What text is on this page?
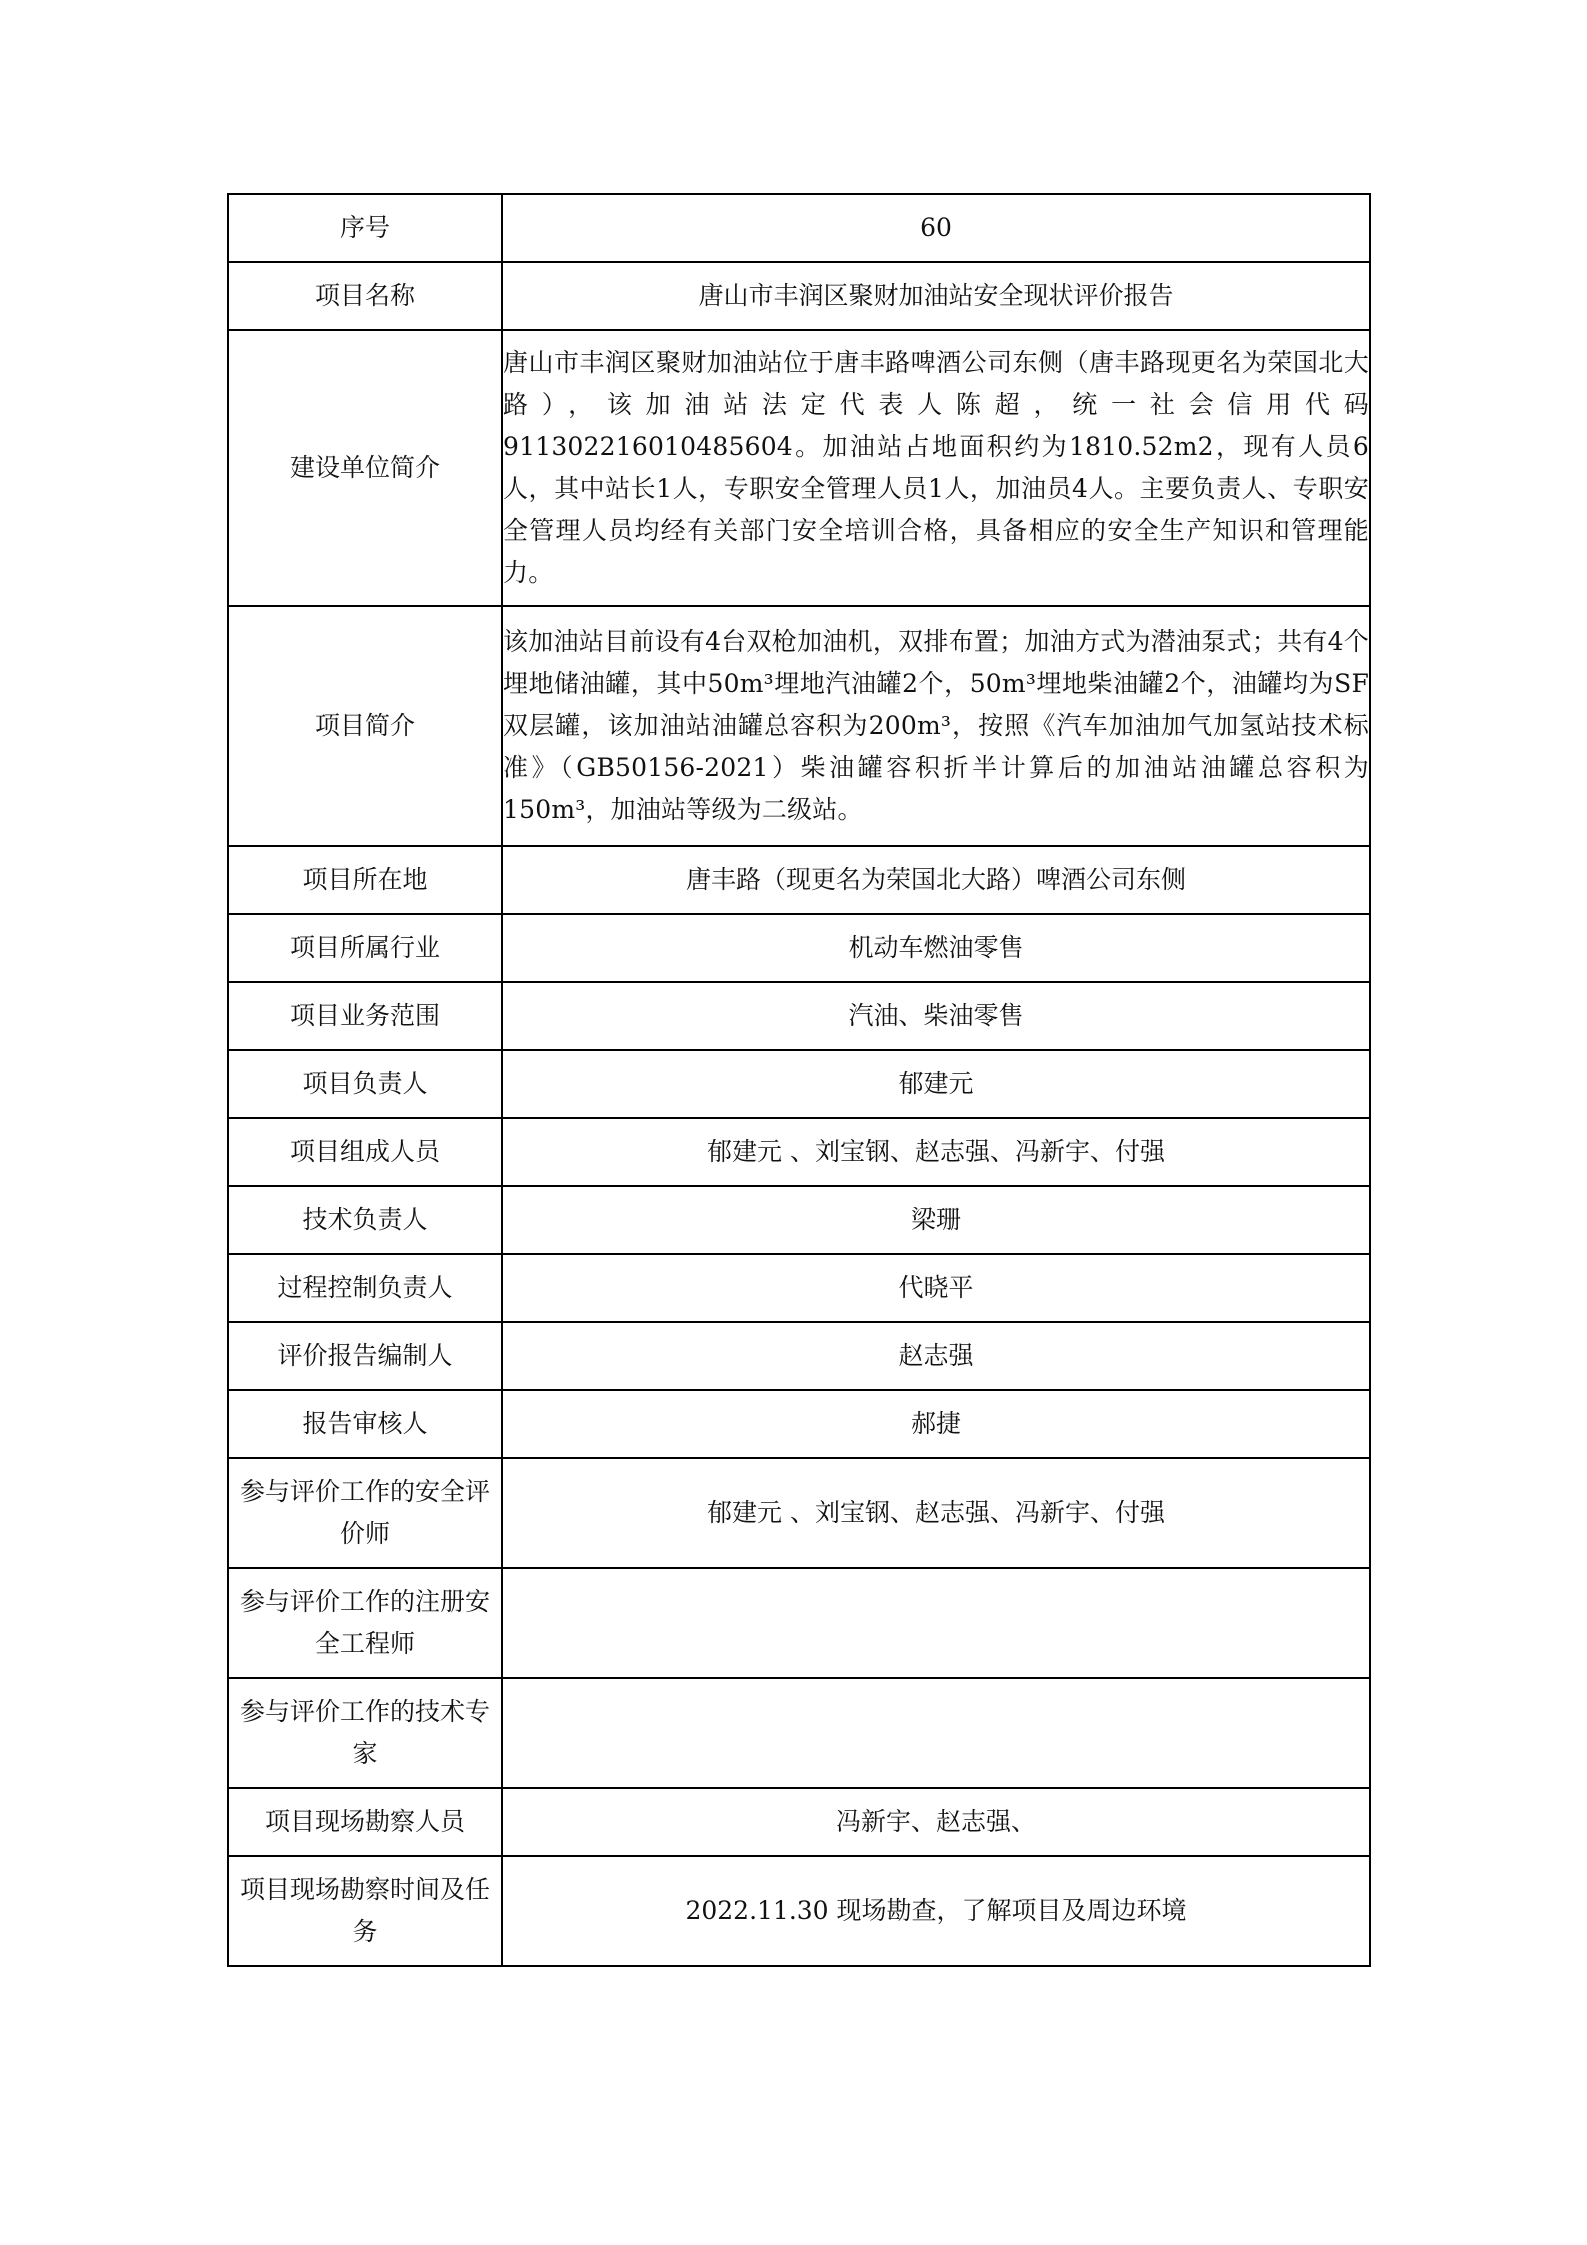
序号	60
项目名称	唐山市丰润区聚财加油站安全现状评价报告
建设单位简介	唐山市丰润区聚财加油站位于唐丰路啤酒公司东侧（唐丰路现更名为荣国北大路），该加油站法定代表人陈超，统一社会信用代码911302216010485604。加油站占地面积约为1810.52m2，现有人员6人，其中站长1人，专职安全管理人员1人，加油员4人。主要负责人、专职安全管理人员均经有关部门安全培训合格，具备相应的安全生产知识和管理能力。
项目简介	该加油站目前设有4台双枪加油机，双排布置；加油方式为潜油泵式；共有4个埋地储油罐，其中50m³埋地汽油罐2个，50m³埋地柴油罐2个，油罐均为SF双层罐，该加油站油罐总容积为200m³，按照《汽车加油加气加氢站技术标准》（GB50156-2021）柴油罐容积折半计算后的加油站油罐总容积为150m³，加油站等级为二级站。
项目所在地	唐丰路（现更名为荣国北大路）啤酒公司东侧
项目所属行业	机动车燃油零售
项目业务范围	汽油、柴油零售
项目负责人	郁建元
项目组成人员	郁建元 、刘宝钢、赵志强、冯新宇、付强
技术负责人	梁珊
过程控制负责人	代晓平
评价报告编制人	赵志强
报告审核人	郝捷
参与评价工作的安全评价师	郁建元 、刘宝钢、赵志强、冯新宇、付强
参与评价工作的注册安全工程师	
参与评价工作的技术专家	
项目现场勘察人员	冯新宇、赵志强、
项目现场勘察时间及任务	2022.11.30 现场勘查，了解项目及周边环境
